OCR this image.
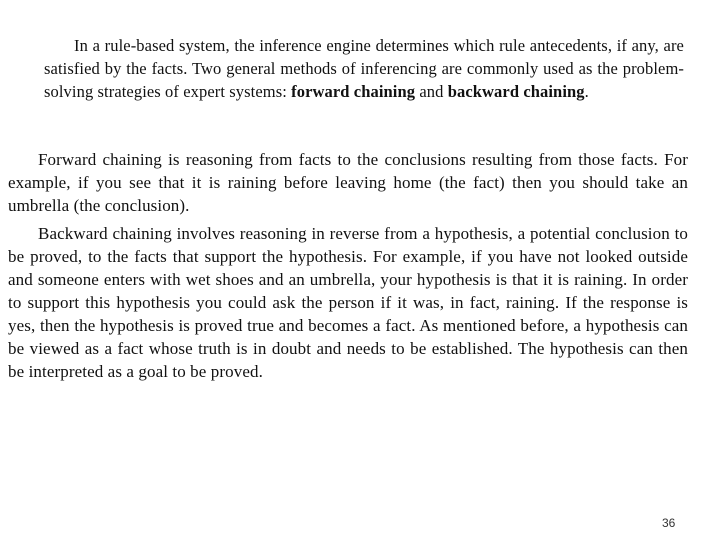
In a rule-based system, the inference engine determines which rule antecedents, if any, are satisfied by the facts. Two general methods of inferencing are commonly used as the problem-solving strategies of expert systems: forward chaining and backward chaining.

Forward chaining is reasoning from facts to the conclusions resulting from those facts. For example, if you see that it is raining before leaving home (the fact) then you should take an umbrella (the conclusion).

Backward chaining involves reasoning in reverse from a hypothesis, a potential conclusion to be proved, to the facts that support the hypothesis. For example, if you have not looked outside and someone enters with wet shoes and an umbrella, your hypothesis is that it is raining. In order to support this hypothesis you could ask the person if it was, in fact, raining. If the response is yes, then the hypothesis is proved true and becomes a fact. As mentioned before, a hypothesis can be viewed as a fact whose truth is in doubt and needs to be established. The hypothesis can then be interpreted as a goal to be proved.

36
